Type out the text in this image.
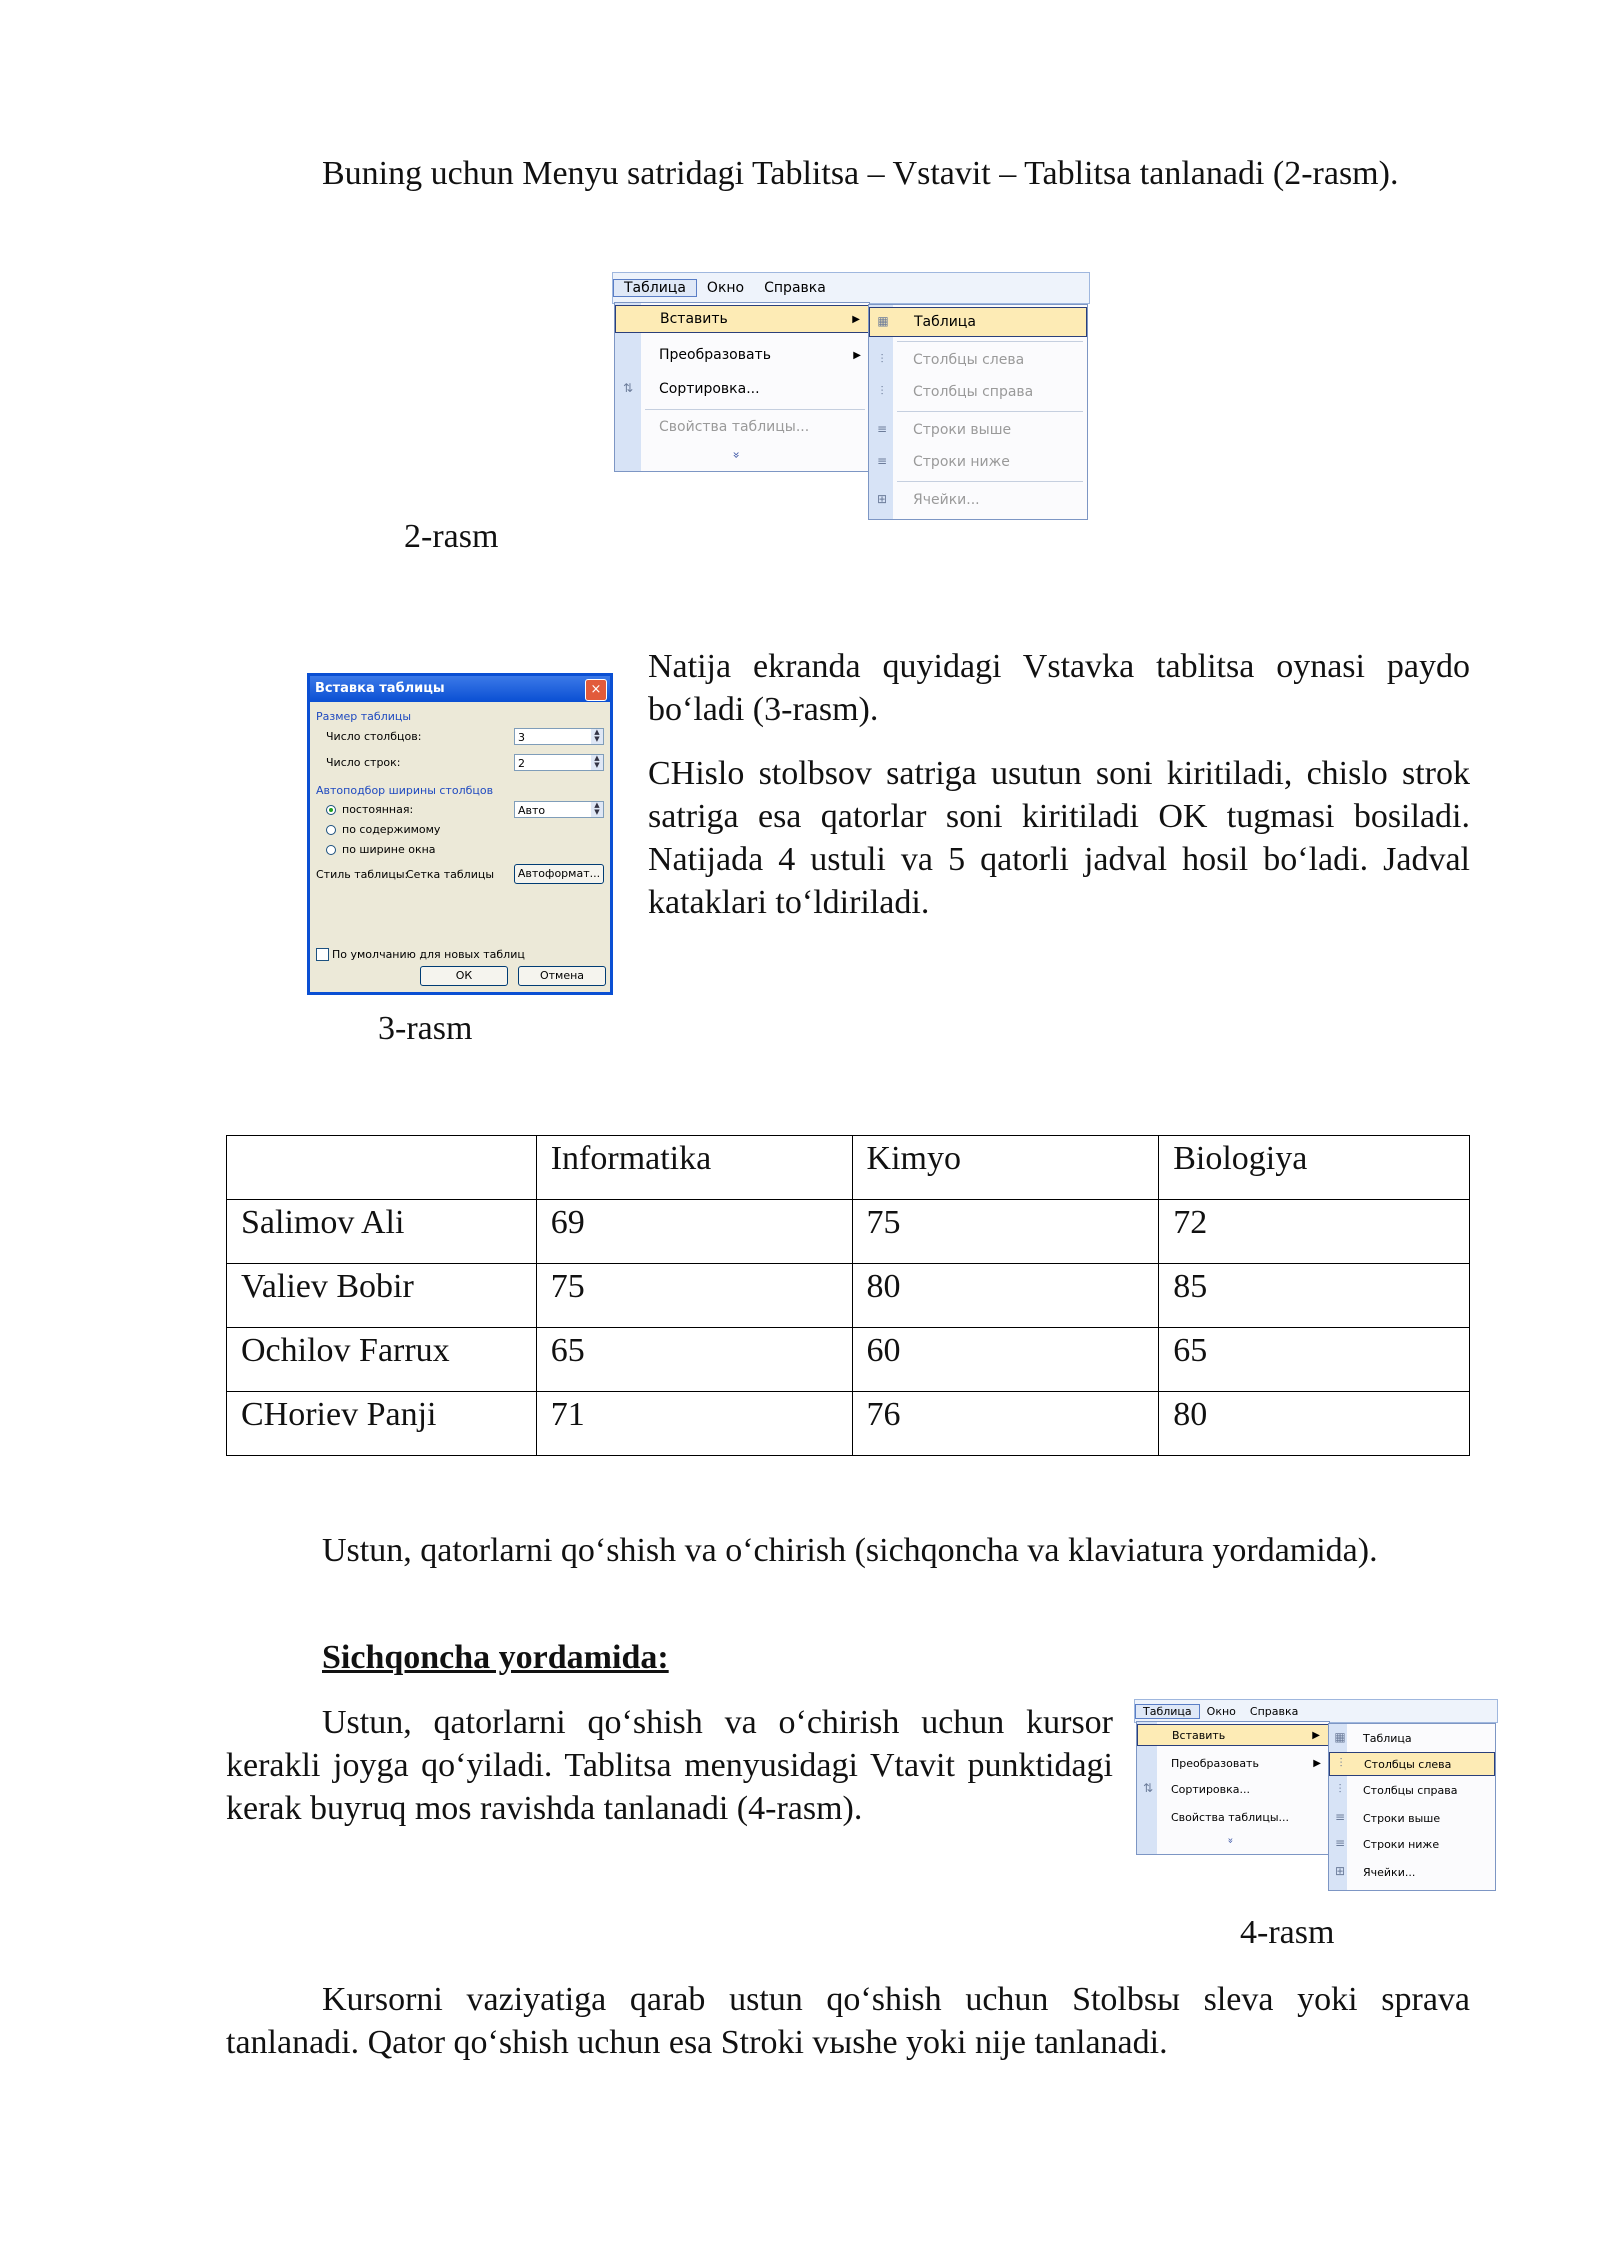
Buning uchun Menyu satridagi Tablitsa – Vstavit – Tablitsa tanlanadi (2-rasm).
Таблица	Окно	Справка
Вставить	▶
Преобразовать	▶
⇅ Сортировка...
Свойства таблицы...
»
▦ Таблица
⫶	Столбцы слева
⫶	Столбцы справа
≡ Строки выше
≡ Строки ниже
⊞ Ячейки...
2-rasm
Вставка таблицы	×
Размер таблицы
Число столбцов:	3	▲
▼
Число строк:	2	▲
▼
Автоподбор ширины столбцов
постоянная:	Авто	▲
▼
по содержимому
по ширине окна
Стиль таблицы:
Сетка таблицы	Автоформат...
По умолчанию для новых таблиц
ОК	Отмена
3-rasm
Natija ekranda quyidagi Vstavka tablitsa oynasi paydo bo‘ladi (3-rasm).
CHislo stolbsov satriga usutun soni kiritiladi, chislo strok satriga esa qatorlar soni kiritiladi OK tugmasi bosiladi. Natijada 4 ustuli va 5 qatorli jadval hosil bo‘ladi. Jadval kataklari to‘ldiriladi.
	Informatika	Kimyo	Biologiya
Salimov Ali	69	75	72
Valiev Bobir	75	80	85
Ochilov Farrux	65	60	65
CHoriev Panji	71	76	80
Ustun, qatorlarni qo‘shish va o‘chirish (sichqoncha va klaviatura yordamida).
Sichqoncha yordamida:
Ustun, qatorlarni qo‘shish va o‘chirish uchun kursor kerakli joyga qo‘yiladi. Tablitsa menyusidagi Vtavit punktidagi kerak buyruq mos ravishda tanlanadi (4-rasm).
Таблица	Окно	Справка
Вставить	▶
Преобразовать	▶
⇅	Сортировка...
Свойства таблицы...
»
▦	Таблица
⫶	Столбцы слева
⫶	Столбцы справа
≡	Строки выше
≡	Строки ниже
⊞	Ячейки...
4-rasm
Kursorni vaziyatiga qarab ustun qo‘shish uchun Stolbsы sleva yoki sprava tanlanadi. Qator qo‘shish uchun esa Stroki vыshe yoki nije tanlanadi.
